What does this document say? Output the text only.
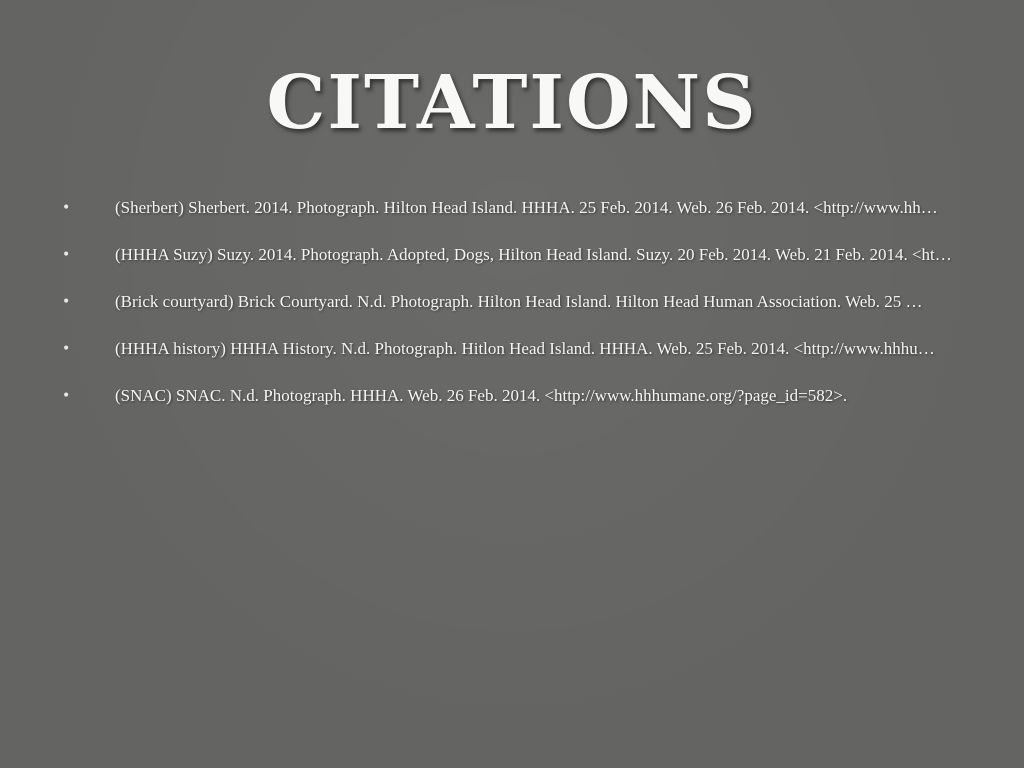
CITATIONS
•	(Sherbert) Sherbert. 2014. Photograph. Hilton Head Island. HHHA. 25 Feb. 2014. Web. 26 Feb. 2014. <http://www.hh…
•	(HHHA Suzy) Suzy. 2014. Photograph. Adopted, Dogs, Hilton Head Island. Suzy. 20 Feb. 2014. Web. 21 Feb. 2014. <ht…
•	(Brick courtyard) Brick Courtyard. N.d. Photograph. Hilton Head Island. Hilton Head Human Association. Web. 25 …
•	(HHHA history) HHHA History. N.d. Photograph. Hitlon Head Island. HHHA. Web. 25 Feb. 2014. <http://www.hhhu…
•	(SNAC) SNAC. N.d. Photograph. HHHA. Web. 26 Feb. 2014. <http://www.hhhumane.org/?page_id=582>.
